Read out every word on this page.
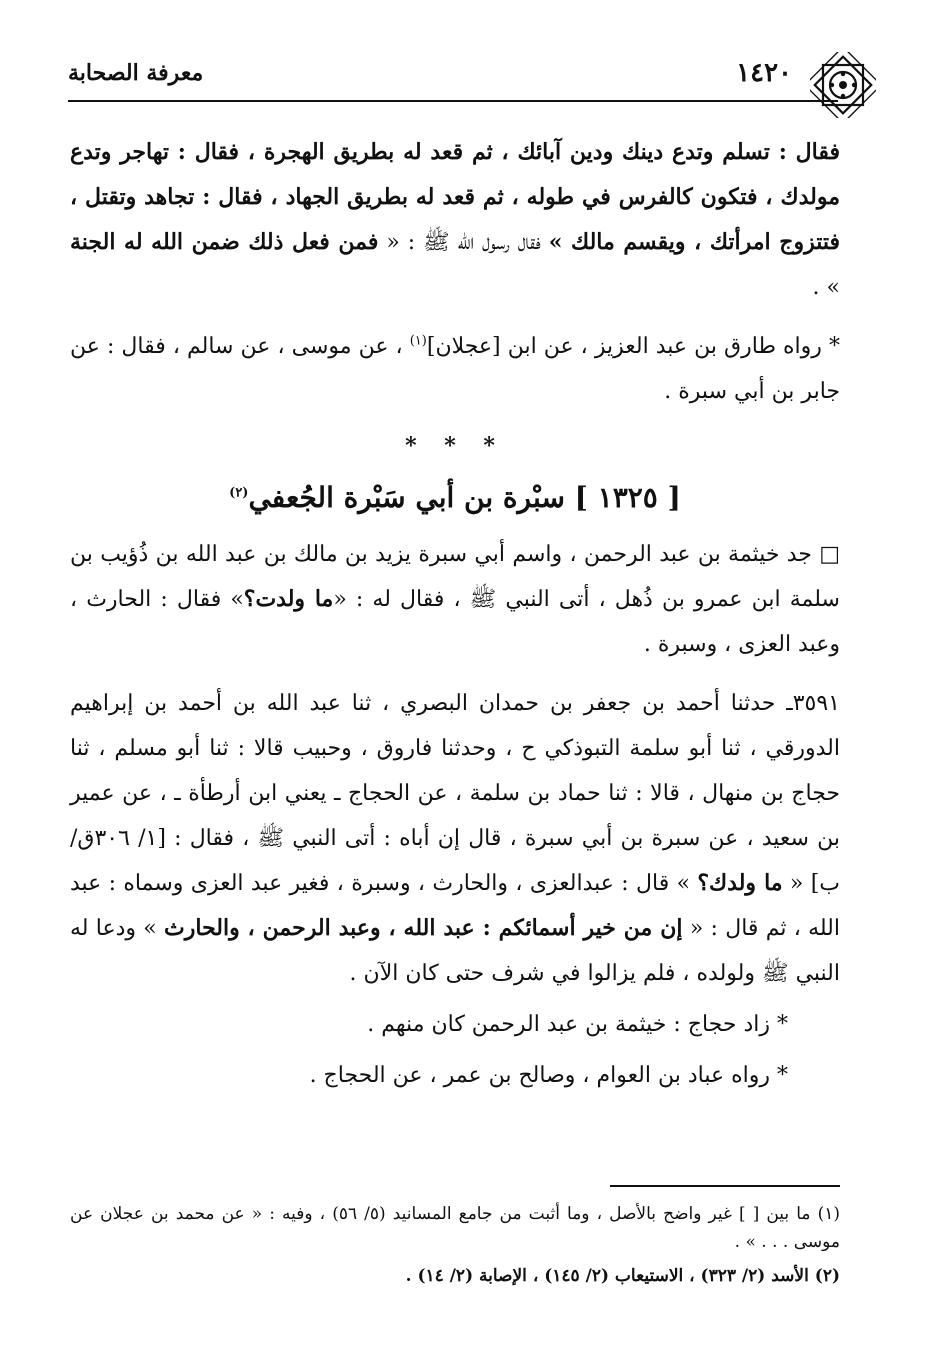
١٤٢٠
معرفة الصحابة

فقال : تسلم وتدع دينك ودين آبائك ، ثم قعد له بطريق الهجرة ، فقال : تهاجر وتدع مولدك ، فتكون كالفرس في طوله ، ثم قعد له بطريق الجهاد ، فقال : تجاهد وتقتل ، فتتزوج امرأتك ، ويقسم مالك » فقال رسول الله ﷺ : « فمن فعل ذلك ضمن الله له الجنة » .

* رواه طارق بن عبد العزيز ، عن ابن [عجلان]$^{(١)}$ ، عن موسى ، عن سالم ، فقال : عن جابر بن أبي سبرة .

* * *
[ ١٣٢٥ ] سبْرة بن أبي سَبْرة الجُعفي$^{(٢)}$

□ جد خيثمة بن عبد الرحمن ، واسم أبي سبرة يزيد بن مالك بن عبد الله بن ذُؤيب بن سلمة ابن عمرو بن ذُهل ، أتى النبي ﷺ ، فقال له : «ما ولدت؟» فقال : الحارث ، وعبد العزى ، وسبرة .

٣٥٩١ـ حدثنا أحمد بن جعفر بن حمدان البصري ، ثنا عبد الله بن أحمد بن إبراهيم الدورقي ، ثنا أبو سلمة التبوذكي ح ، وحدثنا فاروق ، وحبيب قالا : ثنا أبو مسلم ، ثنا حجاج بن منهال ، قالا : ثنا حماد بن سلمة ، عن الحجاج ـ يعني ابن أرطأة ـ ، عن عمير بن سعيد ، عن سبرة بن أبي سبرة ، قال إن أباه : أتى النبي ﷺ ، فقال : [١/ ٣٠٦ق/ ب] « ما ولدك؟ » قال : عبدالعزى ، والحارث ، وسبرة ، فغير عبد العزى وسماه : عبد الله ، ثم قال : « إن من خير أسمائكم : عبد الله ، وعبد الرحمن ، والحارث » ودعا له النبي ﷺ ولولده ، فلم يزالوا في شرف حتى كان الآن .

* زاد حجاج : خيثمة بن عبد الرحمن كان منهم .

* رواه عباد بن العوام ، وصالح بن عمر ، عن الحجاج .

(١) ما بين [ ] غير واضح بالأصل ، وما أثبت من جامع المسانيد (٥/ ٥٦) ، وفيه : « عن محمد بن عجلان عن موسى . . . » .

(٢) الأسد (٢/ ٣٢٣) ، الاستيعاب (٢/ ١٤٥) ، الإصابة (٢/ ١٤) .
